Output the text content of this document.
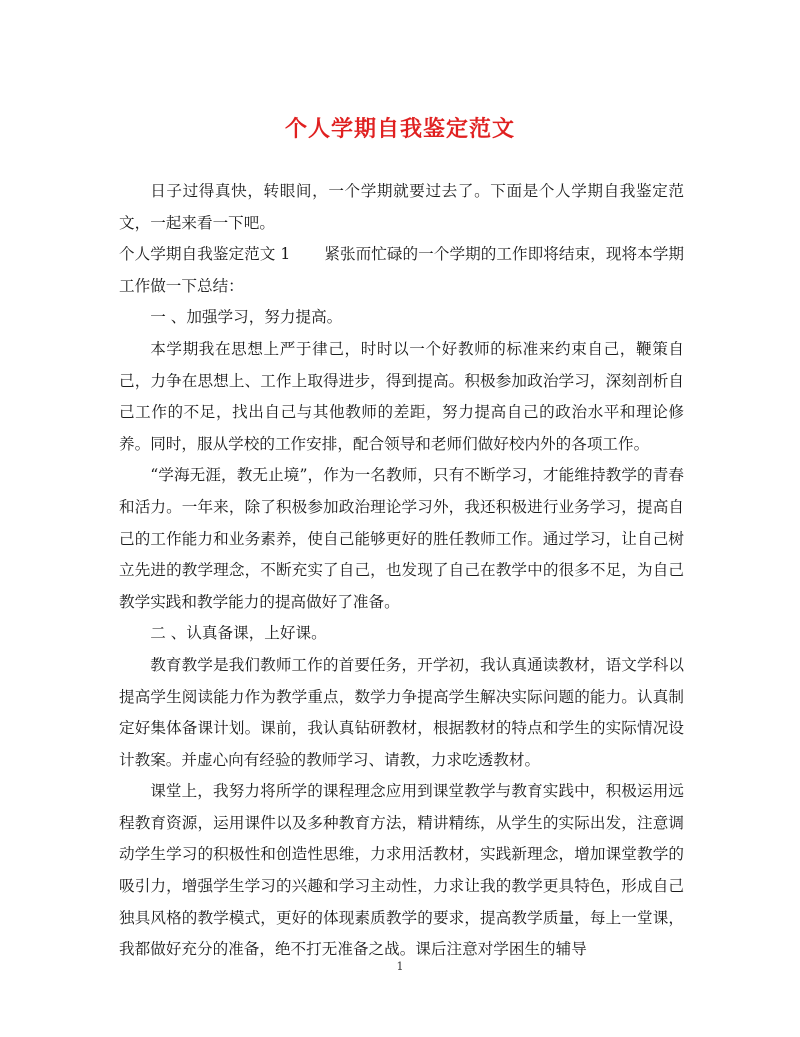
个人学期自我鉴定范文

日子过得真快，转眼间，一个学期就要过去了。下面是个人学期自我鉴定范文，一起来看一下吧。

个人学期自我鉴定范文 1 紧张而忙碌的一个学期的工作即将结束，现将本学期工作做一下总结：

一 、加强学习，努力提高。

本学期我在思想上严于律己，时时以一个好教师的标准来约束自己，鞭策自己，力争在思想上、工作上取得进步，得到提高。积极参加政治学习，深刻剖析自己工作的不足，找出自己与其他教师的差距，努力提高自己的政治水平和理论修养。同时，服从学校的工作安排，配合领导和老师们做好校内外的各项工作。

“学海无涯，教无止境”，作为一名教师，只有不断学习，才能维持教学的青春和活力。一年来，除了积极参加政治理论学习外，我还积极进行业务学习，提高自己的工作能力和业务素养，使自己能够更好的胜任教师工作。通过学习，让自己树立先进的教学理念，不断充实了自己，也发现了自己在教学中的很多不足，为自己教学实践和教学能力的提高做好了准备。

二 、认真备课，上好课。

教育教学是我们教师工作的首要任务，开学初，我认真通读教材，语文学科以提高学生阅读能力作为教学重点，数学力争提高学生解决实际问题的能力。认真制定好集体备课计划。课前，我认真钻研教材，根据教材的特点和学生的实际情况设计教案。并虚心向有经验的教师学习、请教，力求吃透教材。

课堂上，我努力将所学的课程理念应用到课堂教学与教育实践中，积极运用远程教育资源，运用课件以及多种教育方法，精讲精练，从学生的实际出发，注意调动学生学习的积极性和创造性思维，力求用活教材，实践新理念，增加课堂教学的吸引力，增强学生学习的兴趣和学习主动性，力求让我的教学更具特色，形成自己独具风格的教学模式，更好的体现素质教学的要求，提高教学质量，每上一堂课，我都做好充分的准备，绝不打无准备之战。课后注意对学困生的辅导

1
